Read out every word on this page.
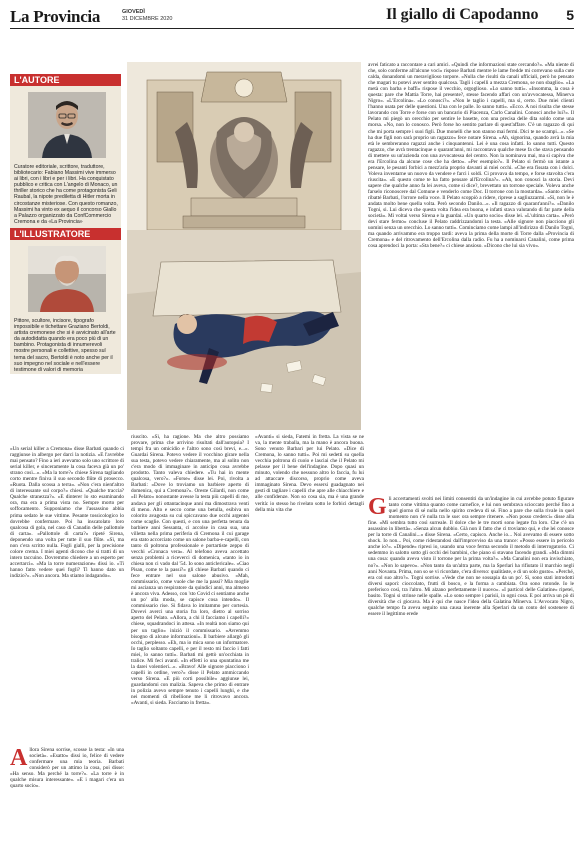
La Provincia	GIOVEDÌ
31 DICEMBRE 2020	Il giallo di Capodanno 5
L'AUTORE
Curatore editoriale, scrittore, traduttore, bibliotecario: Fabiano Massimi vive immerso ai libri, con i libri e per i libri. Ha conquistato pubblico e critica con L'angelo di Monaco, un thriller storico che ha come protagonista Geli Raubal, la nipote prediletta di Hitler morta in circostanze misteriose. Con questo romanzo, Massimi ha vinto ex aequo il concorso Giallo a Palazzo organizzato da ConfCommercio Cremona e da «La Provincia»
L'ILLUSTRATORE
Pittore, scultore, incisore, tipografo impossibile e tichettare Graziano Bertoldi, artista cremonese che si è avvicinato all'arte da autodidatta quando era poco più di un bambino. Protagonista di innumerevoli mostre personali e collettive, spesso sul tema del sacro, Bertoldi è noto anche per il suo impegno nel sociale e nell'essere testimone di valori di memoria

«Un serial killer a Cremona» disse Barbati quando ci raggiunse in albergo per darci la notizia. «E l'avrebbe mai pensato? Fino a ieri avevamo solo uno scrittore di serial killer, e sinceramente la cosa faceva già un po' strano così...». «Ma la torre?» chiese Sirena tagliando corto mentre finiva il suo secondo flûte di prosecco. «Ruota. Dalla scossa a terra». «Non c'era nient'altro di interessante sul corpo?» chiesi. «Qualche traccia? Qualche stranezza?». «E dinterer lo sto esaminando ora, ma era a prima vista no. Sempre morto per soffocamento. Supponiamo che l'assassino abbia prima sedato le sue vittime. Pesante tossicologico lo dovrebbe confermare. Poi ha inscatolato loro qualcosa di gola, nel caso di Canadin delle pallottole di carta». «Pallottole di carta?» ripeté Sirena, deponendo una volta per tutte il suo flûte. «Sì, ma non c'era scritto nulla. Fogli gialli, per la precisione colore crema. I miei agenti dicono che si tratti di un intero taccuino. Dovremmo chiedere a un esperto per accertarci». «Ma la torre numerazione» dissi io. «Ti hanno fatto vedere quei fogli? Ti hanno dato un indizio?». «Non ancora. Ma stiamo indagando».

Allora Sirena sorrise, scosse la testa: «In una società». «Esatto» dissi io, felice di vedere confermare una mia teoria. Barbati considerò per un attimo la cosa, poi disse: «Ha senso. Ma perché la torre?». «La torre è in qualche misura interessante». «E i magari c'era un quarto socio».

riuscito. «Sì, ha ragione. Ma che altro possiamo provare, prima che arrivino risultati dall'autopsia? I tempi fra un omicidio e l'altro sono così brevi, e...». Guardai Sirena. Potevo vedere il vocchino girare nella sua testa, potevo vedere chiaramente, ma al solito non c'era modo di immaginare in anticipo cosa avrebbe prodotto. Tanto valeva chiedere. «Tu hai in mente qualcosa, vero?». «Forse» disse lei. Poi, rivolta a Barbati: «Dove lo troviamo un barbiere aperto di domenica, qui a Cremona?». Oreste Gilardi, non come «Il Pelato» nonostante avesse la testa più capelli di me, andava per gli ottantacinque anni ma dimostrava venti di meno. Alto e secco come una betulla, esibiva un colorito avagosta su cui spiccavano due occhi argentei come scaglie. Con questi, e con una perfetta tenuta da barbiere anni Sessanta, ci accolse in casa sua, una villetta nella prima periferia di Cremona il cui garage era stato accorciato come un salone barba-e-capelli, con tanto di poltrona professionale e portartiste zeppo di vecchi «Cronaca vera». Al telefono aveva accettato senza problemi a riceverci di domenica, «tanto io in chiesa non ci vado dal '54. Io sono anticlericale». «Ciao Pisan, come te la passi?» gli chiese Barbati quando ci fece entrare nel suo salone abusivo. «Mah, commissario, come vuole che me la passi? Mia moglie mi ascianza un respiratore da quindici anni, ma almeno è ancora viva. Adesso, con 'sto Covid ci sentiamo anche un po' alla moda, se capisce cosa intendo». Il commissario rise. Si fidava lo imitammo per cortesia. Dovevi averci una storia fra loro, dietro al sorriso aperto del Pelato. «Allora, a chi il facciamo i capelli?» chiese, squadrandoci in attesa. «In realtà non siamo qui per un taglio» iniziò il commissario. «Avremmo bisogno di alcune informazioni». Il barbiere allargò gli occhi, perplesso. «Eh, ma io mica sono un informatore. Io taglio soltanto capelli, e per il resto mi faccio i fatti miei, lo sanno tutti». Barbati mi gettò un'occhiata in tralice. Mi feci avanti. «In effetti io una spuntatina me la darei volentieri...». «Bravo! Alle signore piacciono i capelli in ordine, vero?» disse il Pelato ammiccando verso Sirena. «E più corti possibile» aggiunse lei, guardandomi con malizia. Sapeva che primo di entrare in polizia avevo sempre tenuto i capelli lunghi, e che nei momenti di ribellione me li ritrovavo ancora. «Avanti, si sieda. Facciamo in fretta».

«Avanti» si sieda, Fatemi in fretta. La vista se ne va, la mente traballa, ma la mano è ancora buona. Sono venuto Barbari per lui Pelato. «Dice di Cremona, lo sanno tutti». Poi mi sedetti su quella vecchia poltrona di cuoio e lasciai che il Pelato mi pelasse per il bene dell'indagine. Dopo quasi un minuto, volendo che nessuno altro lo faccia, fu lui ad attaccare discorso, proprio come aveva immaginato Sirena. Devo essersi guadagnato nei gesti di tagliare i capelli che apre alle chiacchiere e alle confidenze. Non so cosa sia, ma è una grande verità: io stesso ho rivelato sotto le forbici dettagli della mia vita che

avrei faticato a raccontare a cari amici. «Quindi che informazioni state cercando?». «Ma niente di che, solo conferme all'alcune voci» rispose Barbati mentre le lame fredde mi correvano sulla cute calda, donandomi un meraviglioso torpore. «Nulla che risulti da canali ufficiali, però ho pensato che magari tu potevi aver sentito qualcosa. Tagli i capelli a mezza Cremona, se non sbaglio». «La metà con barba e baffi» rispose il vecchio, orgoglioso. «Lo sanno tutti». «Insomma, la cosa è questa: pare che Mattia Torre, hai presente?, stesse facendo affari con un'avvocatessa, Minerva Nigro». «L'Ercolina». «Lo conosci?». «Non le taglio i capelli, ma sì, certo. Due miei clienti l'hanno usata per delle questioni. Una con le palle. Io sanno tutti». «Ecco. A noi risulta che stesse lavorando con Torre e forse con un bancario di Piacenza, Carlo Canalini. Conosci anche lui?». Il Pelato mi piegò un orecchio per sentire le basette, con una precisa delle dita soldo come una morsa. «No, non lo conosco. Però forse ho sentito parlare di quest'affare. C'è un ragazzo di qui che mi porta sempre i suoi figli. Due monelli che non stanno mai fermi. Dici te ne scampi...». «Se ha due figli non sarà proprio un ragazzo» fece notare Sirena. «Ah, signorina, quando avrà la mia età le sembreranno ragazzi anche i cinquantenni. Lei è una cosa infatti. Io sanno tutti. Questo ragazzo, che avrà trentacinque o quarant'anni, mi raccontava qualche mese fa che stava pensando di mettere su un'azienda con una avvocatessa del centro. Non la nominava mai, ma si capiva che era l'Ercolina da alcune cose che ha detto». «Per esempio?». Il Pelato si fermò un istante a pensare, le pesanti forbici a mezz'aria proprio davanti ai miei occhi. «Che era fissata con i dolci. Voleva inventarne un nuovo da vendere e farci i soldi. Ci provava da tempo, e forse stavolta c'era riuscita». «E questo come te ha fatto pensare all'Ercolina?». «Ah, non conosci la storia. Devi sapere che qualche anno fa lei aveva, come si dice?, brevettato un torrone speciale. Voleva anche farselo riconoscere dal Comune e venderlo come Doc. Il torrone con la mostarda». «Santo cielo» ribatté Barbati, l'orrore nella voce. Il Pelato scoppiò a ridere, riprese a sagliuzzarmi. «Si, non le è andata molto bene quella volta. Però secondo Danilo...». «Il ragazzo di quarant'anni?». «Danilo Togni, si. Lui diceva che questa volta l'idea era buona, e infatti stava valutando di far parte della società». Mi voltai verso Sirena e la guardai. «Un quarto socio» disse lei. «L'ultima carta». «Però devi stare fermo» concluse il Pelato raddrizzandomi la testa. «Alle signore non piacciono gli uomini senza un orecchio. Lo sanno tutti». Cominciamo come lampi all'indirizzo di Danilo Togni, ma quando arrivammo era troppo tardi: aveva la prima della morte di Torre dalla «Provincia di Cremona» e del ritrovamento dell'Ercolina dalla radio. Fu ha a nominarsi Canalini, come prima cosa aprendoci la porta: «Sta bene?» ci chiese ansioso. «Dicono che lui sia vivo».

Gli accertamenti svolti nei limiti consentiti da un'indagine in cui avrebbe potuto figurare tanto come vittima quanto come carnefice, e lui non sembrava scioccato perché fino a quel giorno di sé nulla nello spirito credeva di sé. Fino a pare che sulla rivale in quel momento non c'è nulla tra le sue: ora sempre ritenere. «Non posso crederci» disse alla fine. «Mi sembra tutto così surreale. Il dolce che le tre morti sono legate fra loro. Che c'è un assassino in libertà». «Senza alcun dubbio. Già non il fatto che ci troviamo qui, e che lei conosce per la torre di Canalini...» disse Sirena. «Certo, capisco. Anche io... Noi avevamo di essere sotto shock. Io non... Poi, come ridestandosi dall'improvviso da una trance: «Posso essere in pericolo anche io?». «Dipende» ripresi io, usando una voce ferma secondo il metodo di interrogatorio. Ci sedemmo in salotto sotto gli occhi dei bambini, che piano si stavano facendo grandi. «Ma dimmi una cosa: quando aveva visto il torrone per la prima volta?». «Ma Canalini non era invischiato, no?». «Non lo sapevo». «Non tanto da un'altra parte, ma la Sperlari ha rifiutato il marchio negli anni Novanta. Prima, non so se vi ricordate, c'era diverso: qualitàste, e di un solo gusto». «Perché, era col suo altro?». Togni sorrise. «Vede che non ne sossapia da un po'. Sì, sono stati introdotti diversi sapori: cioccolato, frutti di bosco, e la forma a cambiata. Ora sono rotonde. Io le preferisco così, tra l'altro. Mi alzano perfettamente il nuovo». «I particol delle Galatine» ripetei, basito. Togni si strinse nelle spalle. «Lo sono sempre i parisii, in ogni cosa. E poi arriva un pò di diversità che ci giocava. Ma è qui che nasce l'idea della Galatina Minerva. L'Avvocato Nigro, qualche tempo fa aveva seguito una causa inerente alla Sperlari da un conto del sostenere di essere il legittimo erede
